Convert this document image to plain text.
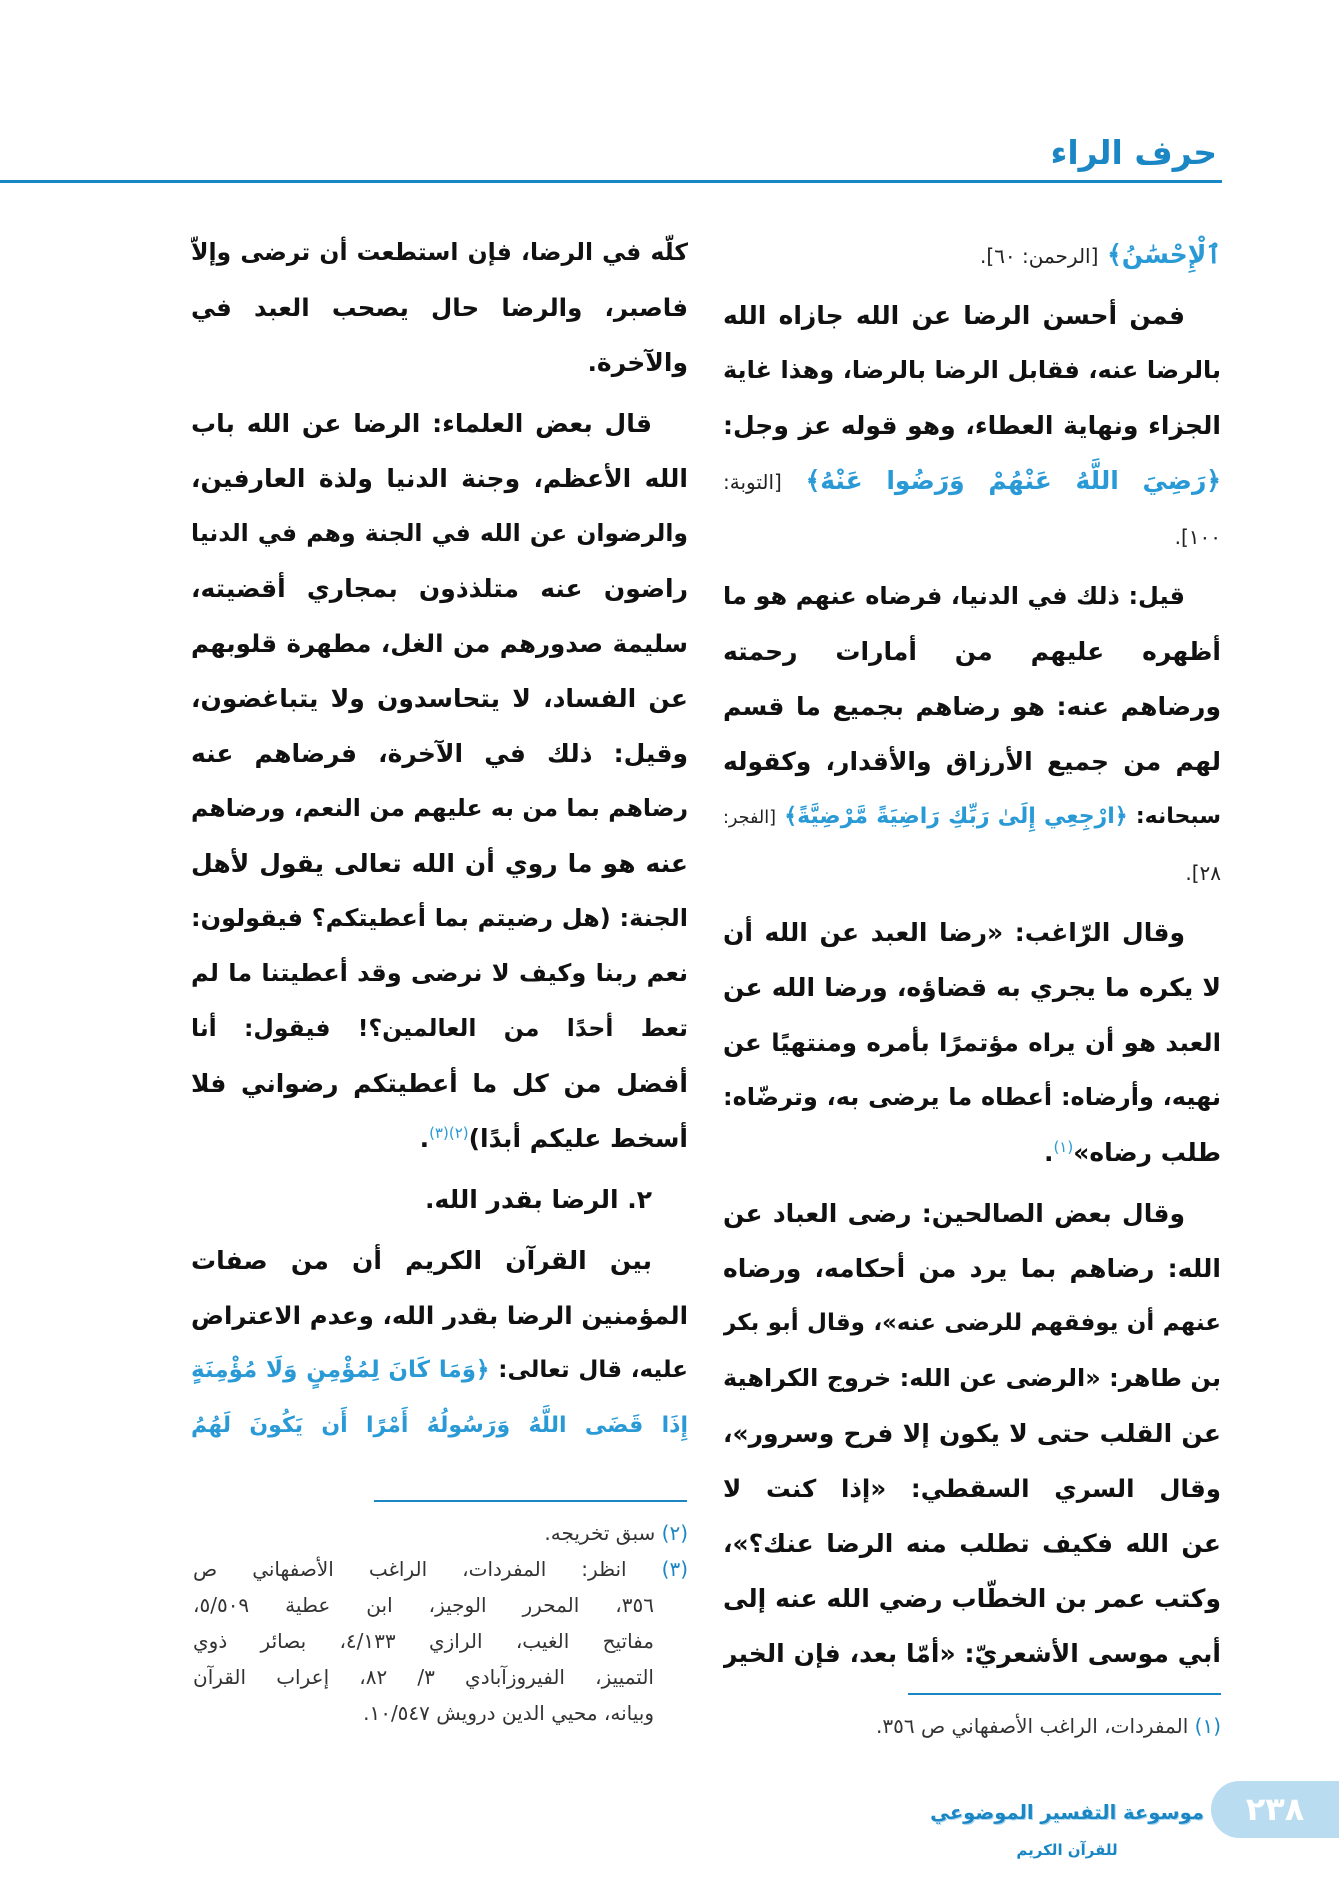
حرف الراء
ٱلْإِحْسَٰنُ﴾ [الرحمن: ٦٠].
فمن أحسن الرضا عن الله جازاه الله
بالرضا عنه، فقابل الرضا بالرضا، وهذا غاية
الجزاء ونهاية العطاء، وهو قوله عز وجل:
﴿رَضِيَ اللَّهُ عَنْهُمْ وَرَضُوا عَنْهُ﴾ [التوبة:
١٠٠].
قيل: ذلك في الدنيا، فرضاه عنهم هو ما
أظهره عليهم من أمارات رحمته
ورضاهم عنه: هو رضاهم بجميع ما قسم
لهم من جميع الأرزاق والأقدار، وكقوله
سبحانه: ﴿ارْجِعِي إِلَىٰ رَبِّكِ رَاضِيَةً مَّرْضِيَّةً﴾ [الفجر:
٢٨].
وقال الرّاغب: «رضا العبد عن الله أن
لا يكره ما يجري به قضاؤه، ورضا الله عن
العبد هو أن يراه مؤتمرًا بأمره ومنتهيًا عن
نهيه، وأرضاه: أعطاه ما يرضى به، وترضّاه:
طلب رضاه»$^{(١)}$.
وقال بعض الصالحين: رضى العباد عن
الله: رضاهم بما يرد من أحكامه، ورضاه
عنهم أن يوفقهم للرضى عنه»، وقال أبو بكر
بن طاهر: «الرضى عن الله: خروج الكراهية
عن القلب حتى لا يكون إلا فرح وسرور»،
وقال السري السقطي: «إذا كنت لا
عن الله فكيف تطلب منه الرضا عنك؟»،
وكتب عمر بن الخطّاب رضي الله عنه إلى
أبي موسى الأشعريّ: «أمّا بعد، فإن الخير
(١) المفردات، الراغب الأصفهاني ص ٣٥٦.
كلّه في الرضا، فإن استطعت أن ترضى وإلاّ
فاصبر، والرضا حال يصحب العبد في
والآخرة.
قال بعض العلماء: الرضا عن الله باب
الله الأعظم، وجنة الدنيا ولذة العارفين،
والرضوان عن الله في الجنة وهم في الدنيا
راضون عنه متلذذون بمجاري أقضيته،
سليمة صدورهم من الغل، مطهرة قلوبهم
عن الفساد، لا يتحاسدون ولا يتباغضون،
وقيل: ذلك في الآخرة، فرضاهم عنه
رضاهم بما من به عليهم من النعم، ورضاهم
عنه هو ما روي أن الله تعالى يقول لأهل
الجنة: (هل رضيتم بما أعطيتكم؟ فيقولون:
نعم ربنا وكيف لا نرضى وقد أعطيتنا ما لم
تعط أحدًا من العالمين؟! فيقول: أنا
أفضل من كل ما أعطيتكم رضواني فلا
أسخط عليكم أبدًا)$^{(٢)(٣)}$.
٢. الرضا بقدر الله.
بين القرآن الكريم أن من صفات
المؤمنين الرضا بقدر الله، وعدم الاعتراض
عليه، قال تعالى: ﴿وَمَا كَانَ لِمُؤْمِنٍ وَلَا مُؤْمِنَةٍ
إِذَا قَضَى اللَّهُ وَرَسُولُهُ أَمْرًا أَن يَكُونَ لَهُمُ
(٢) سبق تخريجه.
(٣) انظر: المفردات، الراغب الأصفهاني ص
٣٥٦، المحرر الوجيز، ابن عطية ٥/٥٠٩،
مفاتيح الغيب، الرازي ٤/١٣٣، بصائر ذوي
التمييز، الفيروزآبادي ٣/ ٨٢، إعراب القرآن
وبيانه، محيي الدين درويش ١٠/٥٤٧.
موسوعة التفسير الموضوعي
للقرآن الكريم
٢٣٨
